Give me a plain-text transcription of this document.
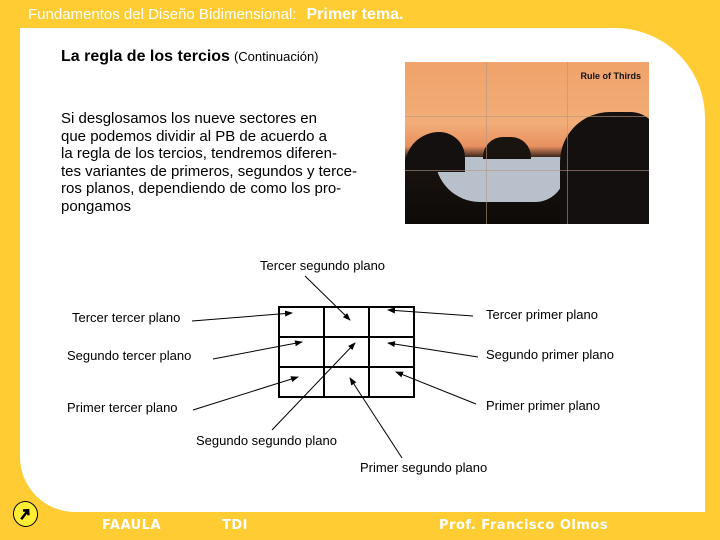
Fundamentos del Diseño Bidimensional: Primer tema.
La regla de los tercios (Continuación)
Si desglosamos los nueve sectores en
que podemos dividir al PB de acuerdo a
la regla de los tercios, tendremos diferen-
tes variantes de primeros, segundos y terce-
ros planos, dependiendo de como los pro-
pongamos
Rule of Thirds
Tercer segundo plano
Tercer tercer plano
Segundo tercer plano
Primer tercer plano
Segundo segundo plano
Primer segundo plano
Tercer primer plano
Segundo primer plano
Primer primer plano
FAAULA	TDI	Prof. Francisco Olmos
